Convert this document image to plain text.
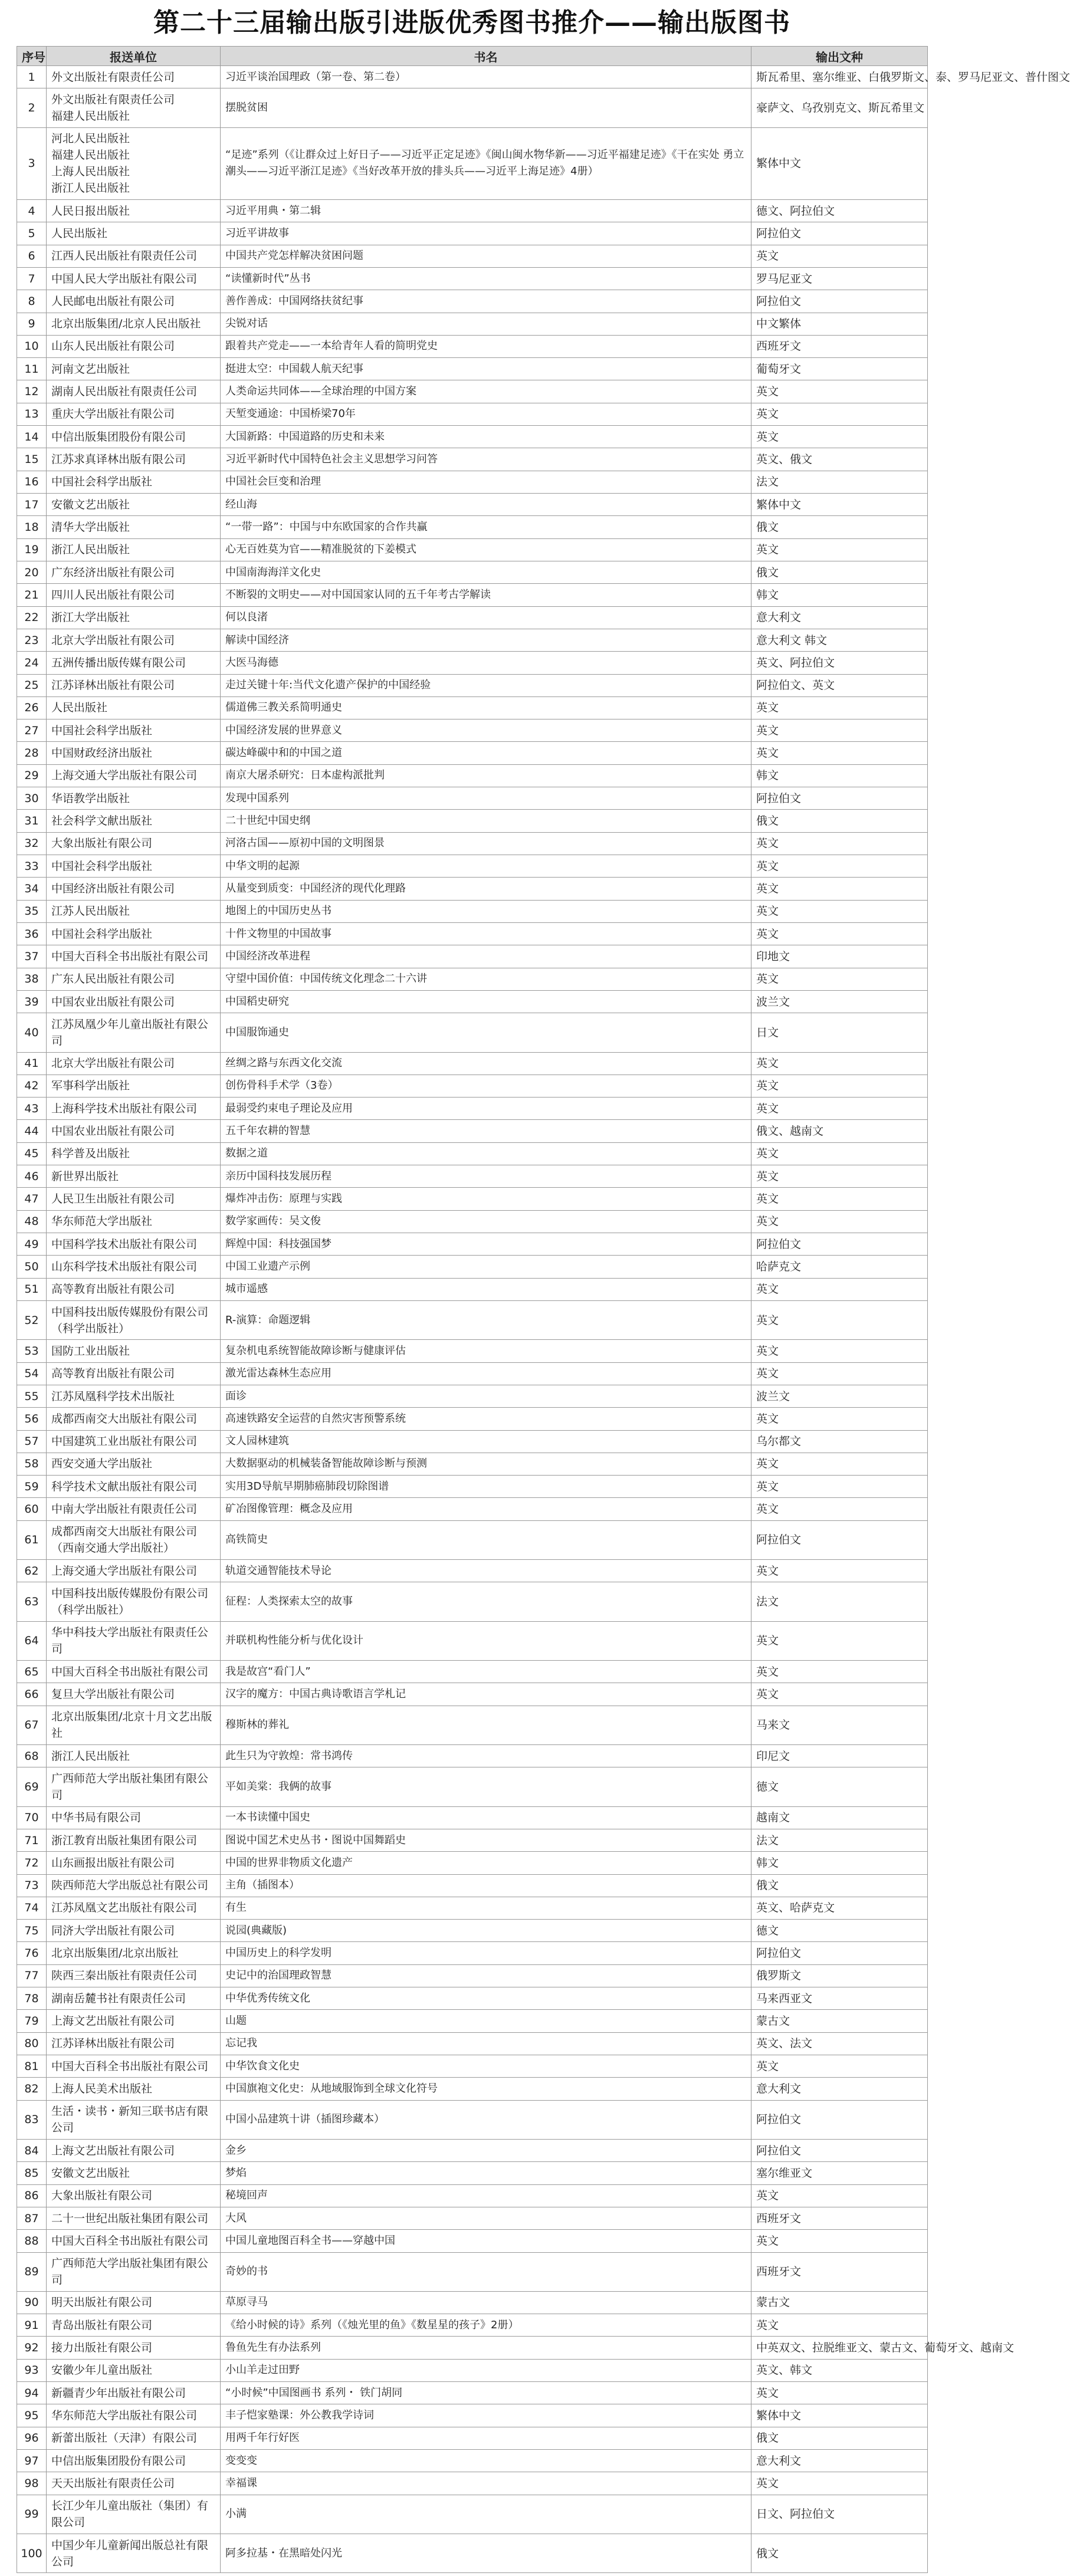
第二十三届输出版引进版优秀图书推介——输出版图书
序号	报送单位	书名	输出文种
1	外文出版社有限责任公司	习近平谈治国理政（第一卷、第二卷）	斯瓦希里、塞尔维亚、白俄罗斯文、泰、罗马尼亚文、普什图文
2	外文出版社有限责任公司
福建人民出版社	摆脱贫困	豪萨文、乌孜别克文、斯瓦希里文
3	河北人民出版社
福建人民出版社
上海人民出版社
浙江人民出版社	“足迹”系列（《让群众过上好日子——习近平正定足迹》《闽山闽水物华新——习近平福建足迹》《干在实处 勇立潮头——习近平浙江足迹》《当好改革开放的排头兵——习近平上海足迹》4册）	繁体中文
4	人民日报出版社	习近平用典・第二辑	德文、阿拉伯文
5	人民出版社	习近平讲故事	阿拉伯文
6	江西人民出版社有限责任公司	中国共产党怎样解决贫困问题	英文
7	中国人民大学出版社有限公司	“读懂新时代”丛书	罗马尼亚文
8	人民邮电出版社有限公司	善作善成：中国网络扶贫纪事	阿拉伯文
9	北京出版集团/北京人民出版社	尖锐对话	中文繁体
10	山东人民出版社有限公司	跟着共产党走——一本给青年人看的简明党史	西班牙文
11	河南文艺出版社	挺进太空：中国载人航天纪事	葡萄牙文
12	湖南人民出版社有限责任公司	人类命运共同体——全球治理的中国方案	英文
13	重庆大学出版社有限公司	天堑变通途：中国桥梁70年	英文
14	中信出版集团股份有限公司	大国新路：中国道路的历史和未来	英文
15	江苏求真译林出版有限公司	习近平新时代中国特色社会主义思想学习问答	英文、俄文
16	中国社会科学出版社	中国社会巨变和治理	法文
17	安徽文艺出版社	经山海	繁体中文
18	清华大学出版社	“一带一路”：中国与中东欧国家的合作共赢	俄文
19	浙江人民出版社	心无百姓莫为官——精准脱贫的下姜模式	英文
20	广东经济出版社有限公司	中国南海海洋文化史	俄文
21	四川人民出版社有限公司	不断裂的文明史——对中国国家认同的五千年考古学解读	韩文
22	浙江大学出版社	何以良渚	意大利文
23	北京大学出版社有限公司	解读中国经济	意大利文 韩文
24	五洲传播出版传媒有限公司	大医马海德	英文、阿拉伯文
25	江苏译林出版社有限公司	走过关键十年:当代文化遗产保护的中国经验	阿拉伯文、英文
26	人民出版社	儒道佛三教关系简明通史	英文
27	中国社会科学出版社	中国经济发展的世界意义	英文
28	中国财政经济出版社	碳达峰碳中和的中国之道	英文
29	上海交通大学出版社有限公司	南京大屠杀研究：日本虚构派批判	韩文
30	华语教学出版社	发现中国系列	阿拉伯文
31	社会科学文献出版社	二十世纪中国史纲	俄文
32	大象出版社有限公司	河洛古国——原初中国的文明图景	英文
33	中国社会科学出版社	中华文明的起源	英文
34	中国经济出版社有限公司	从量变到质变：中国经济的现代化理路	英文
35	江苏人民出版社	地图上的中国历史丛书	英文
36	中国社会科学出版社	十件文物里的中国故事	英文
37	中国大百科全书出版社有限公司	中国经济改革进程	印地文
38	广东人民出版社有限公司	守望中国价值：中国传统文化理念二十六讲	英文
39	中国农业出版社有限公司	中国稻史研究	波兰文
40	江苏凤凰少年儿童出版社有限公司	中国服饰通史	日文
41	北京大学出版社有限公司	丝绸之路与东西文化交流	英文
42	军事科学出版社	创伤骨科手术学（3卷）	英文
43	上海科学技术出版社有限公司	最弱受约束电子理论及应用	英文
44	中国农业出版社有限公司	五千年农耕的智慧	俄文、越南文
45	科学普及出版社	数据之道	英文
46	新世界出版社	亲历中国科技发展历程	英文
47	人民卫生出版社有限公司	爆炸冲击伤：原理与实践	英文
48	华东师范大学出版社	数学家画传：吴文俊	英文
49	中国科学技术出版社有限公司	辉煌中国：科技强国梦	阿拉伯文
50	山东科学技术出版社有限公司	中国工业遗产示例	哈萨克文
51	高等教育出版社有限公司	城市遥感	英文
52	中国科技出版传媒股份有限公司
（科学出版社）	R-演算：命题逻辑	英文
53	国防工业出版社	复杂机电系统智能故障诊断与健康评估	英文
54	高等教育出版社有限公司	激光雷达森林生态应用	英文
55	江苏凤凰科学技术出版社	面诊	波兰文
56	成都西南交大出版社有限公司	高速铁路安全运营的自然灾害预警系统	英文
57	中国建筑工业出版社有限公司	文人园林建筑	乌尔都文
58	西安交通大学出版社	大数据驱动的机械装备智能故障诊断与预测	英文
59	科学技术文献出版社有限公司	实用3D导航早期肺癌肺段切除图谱	英文
60	中南大学出版社有限责任公司	矿冶图像管理：概念及应用	英文
61	成都西南交大出版社有限公司
（西南交通大学出版社）	高铁简史	阿拉伯文
62	上海交通大学出版社有限公司	轨道交通智能技术导论	英文
63	中国科技出版传媒股份有限公司
（科学出版社）	征程：人类探索太空的故事	法文
64	华中科技大学出版社有限责任公司	并联机构性能分析与优化设计	英文
65	中国大百科全书出版社有限公司	我是故宫“看门人”	英文
66	复旦大学出版社有限公司	汉字的魔方：中国古典诗歌语言学札记	英文
67	北京出版集团/北京十月文艺出版社	穆斯林的葬礼	马来文
68	浙江人民出版社	此生只为守敦煌：常书鸿传	印尼文
69	广西师范大学出版社集团有限公司	平如美棠：我俩的故事	德文
70	中华书局有限公司	一本书读懂中国史	越南文
71	浙江教育出版社集团有限公司	图说中国艺术史丛书・图说中国舞蹈史	法文
72	山东画报出版社有限公司	中国的世界非物质文化遗产	韩文
73	陕西师范大学出版总社有限公司	主角（插图本）	俄文
74	江苏凤凰文艺出版社有限公司	有生	英文、哈萨克文
75	同济大学出版社有限公司	说园(典藏版)	德文
76	北京出版集团/北京出版社	中国历史上的科学发明	阿拉伯文
77	陕西三秦出版社有限责任公司	史记中的治国理政智慧	俄罗斯文
78	湖南岳麓书社有限责任公司	中华优秀传统文化	马来西亚文
79	上海文艺出版社有限公司	山题	蒙古文
80	江苏译林出版社有限公司	忘记我	英文、法文
81	中国大百科全书出版社有限公司	中华饮食文化史	英文
82	上海人民美术出版社	中国旗袍文化史：从地域服饰到全球文化符号	意大利文
83	生活・读书・新知三联书店有限公司	中国小品建筑十讲（插图珍藏本）	阿拉伯文
84	上海文艺出版社有限公司	金乡	阿拉伯文
85	安徽文艺出版社	梦焰	塞尔维亚文
86	大象出版社有限公司	秘境回声	英文
87	二十一世纪出版社集团有限公司	大风	西班牙文
88	中国大百科全书出版社有限公司	中国儿童地图百科全书——穿越中国	英文
89	广西师范大学出版社集团有限公司	奇妙的书	西班牙文
90	明天出版社有限公司	草原寻马	蒙古文
91	青岛出版社有限公司	《给小时候的诗》系列（《烛光里的鱼》《数星星的孩子》2册）	英文
92	接力出版社有限公司	鲁鱼先生有办法系列	中英双文、拉脱维亚文、蒙古文、葡萄牙文、越南文
93	安徽少年儿童出版社	小山羊走过田野	英文、韩文
94	新疆青少年出版社有限公司	“小时候”中国图画书 系列・ 铁门胡同	英文
95	华东师范大学出版社有限公司	丰子恺家塾课：外公教我学诗词	繁体中文
96	新蕾出版社（天津）有限公司	用两千年行好医	俄文
97	中信出版集团股份有限公司	变变变	意大利文
98	天天出版社有限责任公司	幸福课	英文
99	长江少年儿童出版社（集团）有限公司	小满	日文、阿拉伯文
100	中国少年儿童新闻出版总社有限公司	阿多拉基・在黑暗处闪光	俄文
